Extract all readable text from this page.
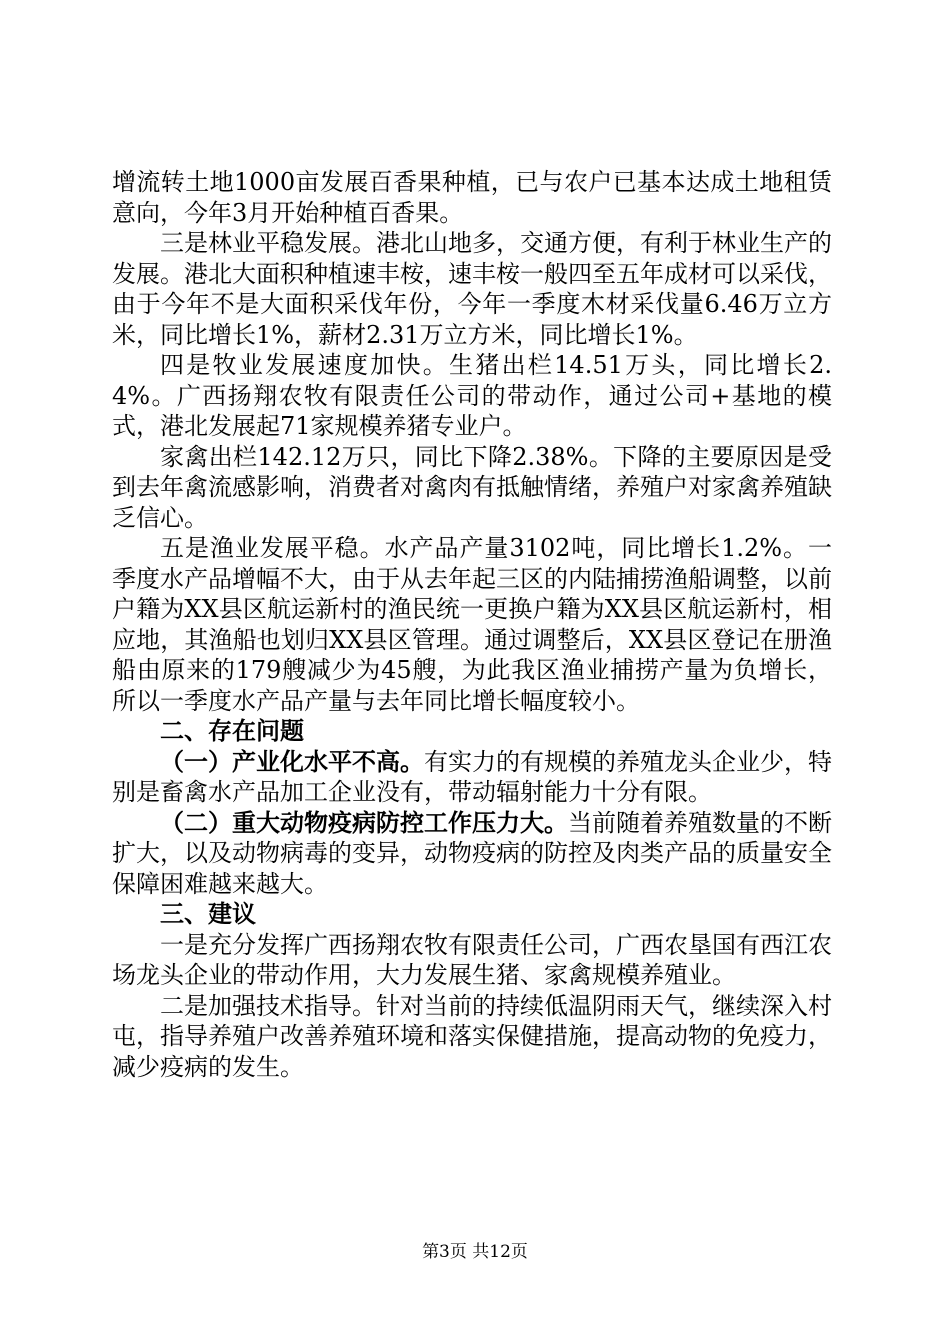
增流转土地1000亩发展百香果种植，已与农户已基本达成土地租赁意向，今年3月开始种植百香果。

三是林业平稳发展。港北山地多，交通方便，有利于林业生产的发展。港北大面积种植速丰桉，速丰桉一般四至五年成材可以采伐，由于今年不是大面积采伐年份，今年一季度木材采伐量6.46万立方米，同比增长1%，薪材2.31万立方米，同比增长1%。

四是牧业发展速度加快。生猪出栏14.51万头，同比增长2.4%。广西扬翔农牧有限责任公司的带动作，通过公司+基地的模式，港北发展起71家规模养猪专业户。

家禽出栏142.12万只，同比下降2.38%。下降的主要原因是受到去年禽流感影响，消费者对禽肉有抵触情绪，养殖户对家禽养殖缺乏信心。

五是渔业发展平稳。水产品产量3102吨，同比增长1.2%。一季度水产品增幅不大，由于从去年起三区的内陆捕捞渔船调整，以前户籍为XX县区航运新村的渔民统一更换户籍为XX县区航运新村，相应地，其渔船也划归XX县区管理。通过调整后，XX县区登记在册渔船由原来的179艘减少为45艘，为此我区渔业捕捞产量为负增长，所以一季度水产品产量与去年同比增长幅度较小。

二、存在问题

（一）产业化水平不高。有实力的有规模的养殖龙头企业少，特别是畜禽水产品加工企业没有，带动辐射能力十分有限。

（二）重大动物疫病防控工作压力大。当前随着养殖数量的不断扩大，以及动物病毒的变异，动物疫病的防控及肉类产品的质量安全保障困难越来越大。

三、建议

一是充分发挥广西扬翔农牧有限责任公司，广西农垦国有西江农场龙头企业的带动作用，大力发展生猪、家禽规模养殖业。

二是加强技术指导。针对当前的持续低温阴雨天气，继续深入村屯，指导养殖户改善养殖环境和落实保健措施，提高动物的免疫力，减少疫病的发生。

第3页 共12页
